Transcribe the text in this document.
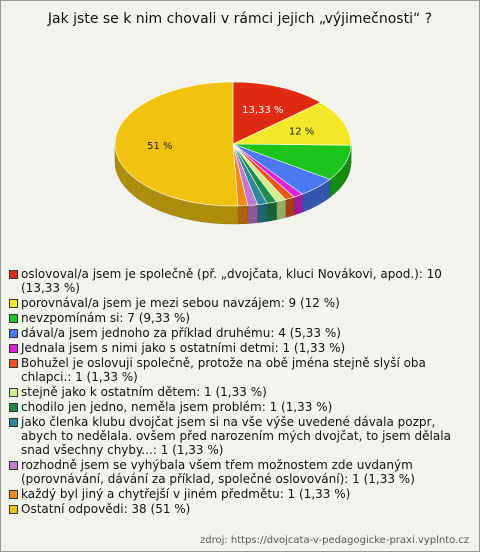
Jak jste se k nim chovali v rámci jejich „výjimečnosti“ ?
13,33 %
12 %
51 %
oslovoval/a jsem je společně (př. „dvojčata, kluci Novákovi, apod.): 10 (13,33 %)
porovnával/a jsem je mezi sebou navzájem: 9 (12 %)
nevzpomínám si: 7 (9,33 %)
dával/a jsem jednoho za příklad druhému: 4 (5,33 %)
Jednala jsem s nimi jako s ostatními detmi: 1 (1,33 %)
Bohužel je oslovuji společně, protože na obě jména stejně slyší oba chlapci.: 1 (1,33 %)
stejně jako k ostatním dětem: 1 (1,33 %)
chodilo jen jedno, neměla jsem problém: 1 (1,33 %)
jako členka klubu dvojčat jsem si na vše výše uvedené dávala pozpr, abych to nedělala. ovšem před narozením mých dvojčat, to jsem dělala snad všechny chyby...: 1 (1,33 %)
rozhodně jsem se vyhýbala všem třem možnostem zde uvdaným (porovnávání, dávání za příklad, společné oslovování): 1 (1,33 %)
každý byl jiný a chytřejší v jiném předmětu: 1 (1,33 %)
Ostatní odpovědi: 38 (51 %)
zdroj: https://dvojcata-v-pedagogicke-praxi.vyplnto.cz
